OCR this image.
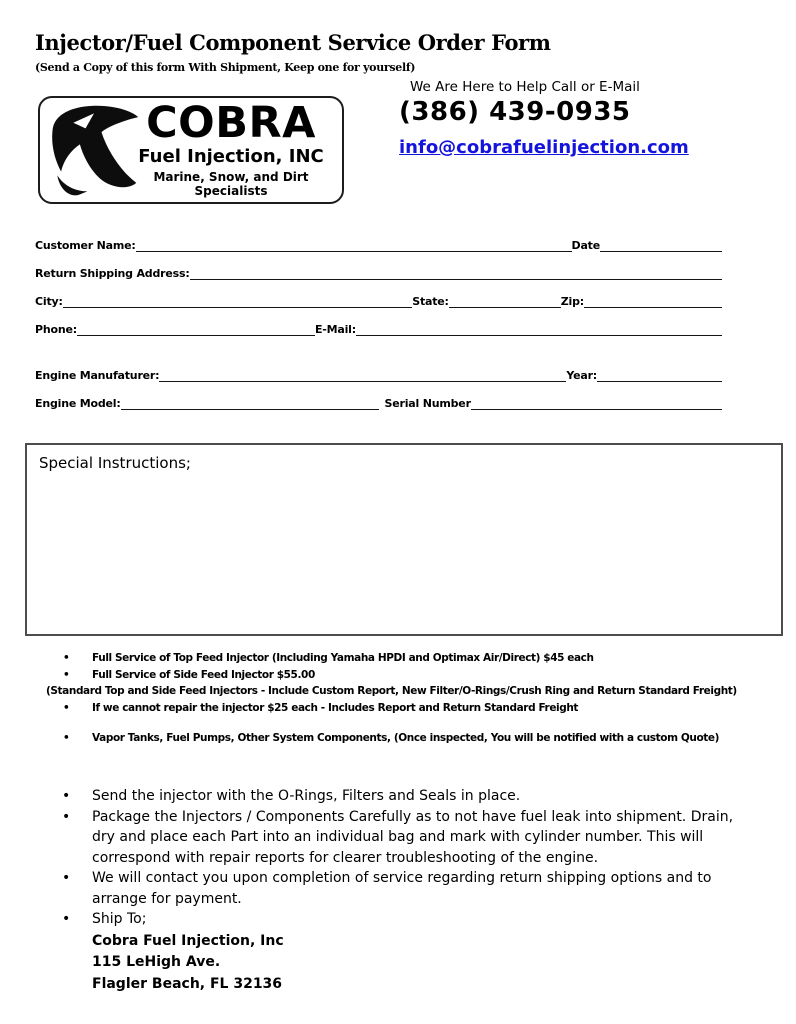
Injector/Fuel Component Service Order Form
(Send a Copy of this form With Shipment, Keep one for yourself)
We Are Here to Help Call or E-Mail
(386) 439-0935
info@cobrafuelinjection.com
COBRA
Fuel Injection, INC
Marine, Snow, and Dirt Specialists
Customer Name:	Date
Return Shipping Address:
City:	State:	Zip:
Phone:	E-Mail:
Engine Manufaturer:	Year:
Engine Model:	Serial Number
Special Instructions;
•	Full Service of Top Feed Injector (Including Yamaha HPDI and Optimax Air/Direct) $45 each
•	Full Service of Side Feed Injector $55.00
(Standard Top and Side Feed Injectors - Include Custom Report, New Filter/O-Rings/Crush Ring and Return Standard Freight)
•	If we cannot repair the injector $25 each - Includes Report and Return Standard Freight
•	Vapor Tanks, Fuel Pumps, Other System Components, (Once inspected, You will be notified with a custom Quote)
•	Send the injector with the O-Rings, Filters and Seals in place.
•	Package the Injectors / Components Carefully as to not have fuel leak into shipment. Drain, dry and place each Part into an individual bag and mark with cylinder number. This will correspond with repair reports for clearer troubleshooting of the engine.
•	We will contact you upon completion of service regarding return shipping options and to arrange for payment.
•	Ship To;
Cobra Fuel Injection, Inc
115 LeHigh Ave.
Flagler Beach, FL 32136
